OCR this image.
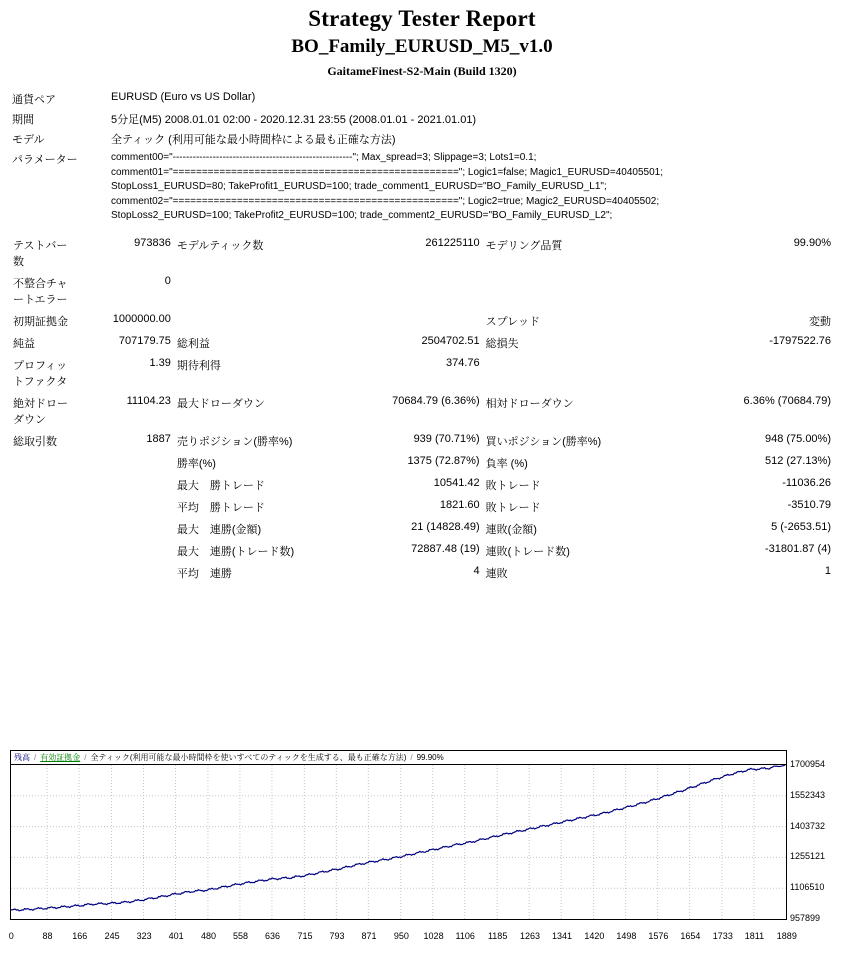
Strategy Tester Report
BO_Family_EURUSD_M5_v1.0
GaitameFinest-S2-Main (Build 1320)
通貨ペア	EURUSD (Euro vs US Dollar)
期間	5分足(M5) 2008.01.01 02:00 - 2020.12.31 23:55 (2008.01.01 - 2021.01.01)
モデル	全ティック (利用可能な最小時間枠による最も正確な方法)
パラメーター	comment00="------------------------------------------------------"; Max_spread=3; Slippage=3; Lots1=0.1;
comment01="================================================="; Logic1=false; Magic1_EURUSD=40405501;
StopLoss1_EURUSD=80; TakeProfit1_EURUSD=100; trade_comment1_EURUSD="BO_Family_EURUSD_L1";
comment02="================================================="; Logic2=true; Magic2_EURUSD=40405502;
StopLoss2_EURUSD=100; TakeProfit2_EURUSD=100; trade_comment2_EURUSD="BO_Family_EURUSD_L2";
テストバー数	973836	モデルティック数	261225110	モデリング品質	99.90%
不整合チャートエラー	0				
初期証拠金	1000000.00			スプレッド	変動
純益	707179.75	総利益	2504702.51	総損失	-1797522.76
プロフィットファクタ	1.39	期待利得	374.76		
絶対ドローダウン	11104.23	最大ドローダウン	70684.79 (6.36%)	相対ドローダウン	6.36% (70684.79)
総取引数	1887	売りポジション(勝率%)	939 (70.71%)	買いポジション(勝率%)	948 (75.00%)
		勝率(%)	1375 (72.87%)	負率 (%)	512 (27.13%)
		最大　勝トレード	10541.42	敗トレード	-11036.26
		平均　勝トレード	1821.60	敗トレード	-3510.79
		最大　連勝(金額)	21 (14828.49)	連敗(金額)	5 (-2653.51)
		最大　連勝(トレード数)	72887.48 (19)	連敗(トレード数)	-31801.87 (4)
		平均　連勝	4	連敗	1
残高 / 有効証拠金 / 全ティック(利用可能な最小時間枠を使いすべてのティックを生成する、最も正確な方法) / 99.90%
1700954
1552343
1403732
1255121
1106510
957899
0	88 166 245 323 401 480 558 636 715 793 871 950 1028 1106 1185 1263 1341 1420 1498 1576 1654 1733 1811 1889
